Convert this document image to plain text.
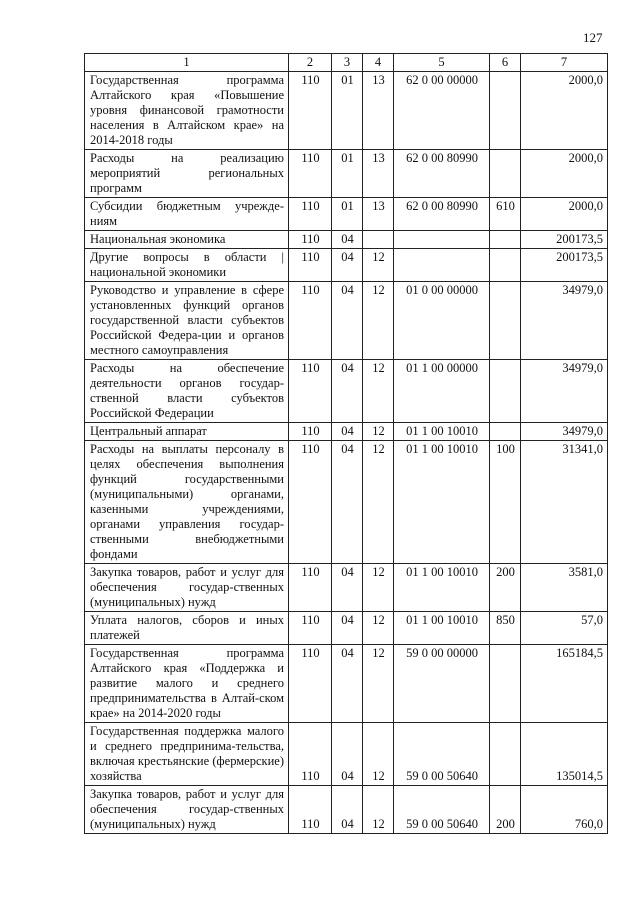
127
1	2	3	4	5	6	7
Государственная программа Алтайского края «Повышение уровня финансовой грамотности населения в Алтайском крае» на 2014-2018 годы	110	01	13	62 0 00 00000		2000,0
Расходы на реализацию мероприятий региональных программ	110	01	13	62 0 00 80990		2000,0
Субсидии бюджетным учрежде-ниям	110	01	13	62 0 00 80990	610	2000,0
Национальная экономика	110	04				200173,5
Другие вопросы в области |национальной экономики	110	04	12			200173,5
Руководство и управление в сфере установленных функций органов государственной власти субъектов Российской Федера-ции и органов местного самоуправления	110	04	12	01 0 00 00000		34979,0
Расходы на обеспечение деятельности органов государ-ственной власти субъектов Российской Федерации	110	04	12	01 1 00 00000		34979,0
Центральный аппарат	110	04	12	01 1 00 10010		34979,0
Расходы на выплаты персоналу в целях обеспечения выполнения функций государственными (муниципальными) органами, казенными учреждениями, органами управления государ-ственными внебюджетными фондами	110	04	12	01 1 00 10010	100	31341,0
Закупка товаров, работ и услуг для обеспечения государ-ственных (муниципальных) нужд	110	04	12	01 1 00 10010	200	3581,0
Уплата налогов, сборов и иных платежей	110	04	12	01 1 00 10010	850	57,0
Государственная программа Алтайского края «Поддержка и развитие малого и среднего предпринимательства в Алтай-ском крае» на 2014-2020 годы	110	04	12	59 0 00 00000		165184,5
Государственная поддержка малого и среднего предпринима-тельства, включая крестьянские (фермерские) хозяйства	110	04	12	59 0 00 50640		135014,5
Закупка товаров, работ и услуг для обеспечения государ-ственных (муниципальных) нужд	110	04	12	59 0 00 50640	200	760,0
